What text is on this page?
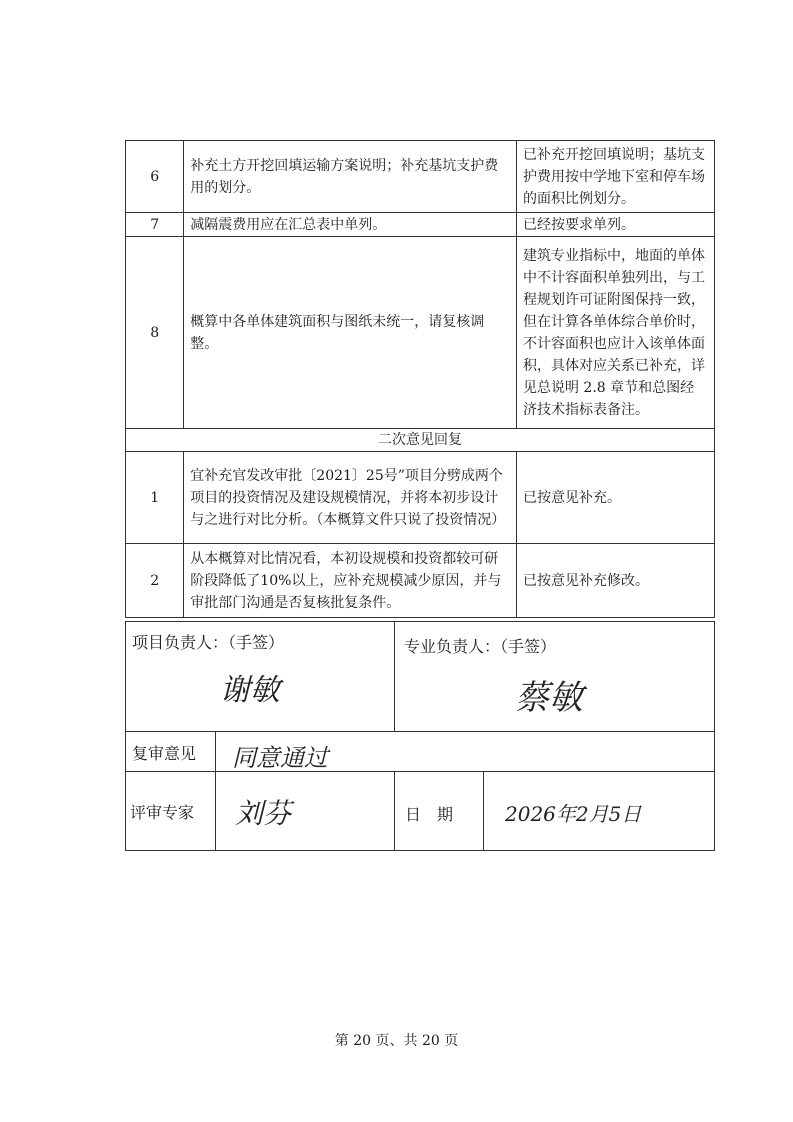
6	补充土方开挖回填运输方案说明；补充基坑支护费用的划分。	已补充开挖回填说明；基坑支护费用按中学地下室和停车场的面积比例划分。
7	减隔震费用应在汇总表中单列。	已经按要求单列。
8	概算中各单体建筑面积与图纸未统一，请复核调整。	建筑专业指标中，地面的单体中不计容面积单独列出，与工程规划许可证附图保持一致，但在计算各单体综合单价时，不计容面积也应计入该单体面积，具体对应关系已补充，详见总说明 2.8 章节和总图经济技术指标表备注。
二次意见回复		
1	宜补充官发改审批〔2021〕25号”项目分劈成两个项目的投资情况及建设规模情况，并将本初步设计与之进行对比分析。（本概算文件只说了投资情况）	已按意见补充。
2	从本概算对比情况看，本初设规模和投资都较可研阶段降低了10%以上，应补充规模减少原因，并与审批部门沟通是否复核批复条件。	已按意见补充修改。
项目负责人：（手签）
谢敏
专业负责人：（手签）
蔡敏
复审意见 同意通过
评审专家 刘芬	日　期	2026年2月5日
第 20 页、共 20 页
